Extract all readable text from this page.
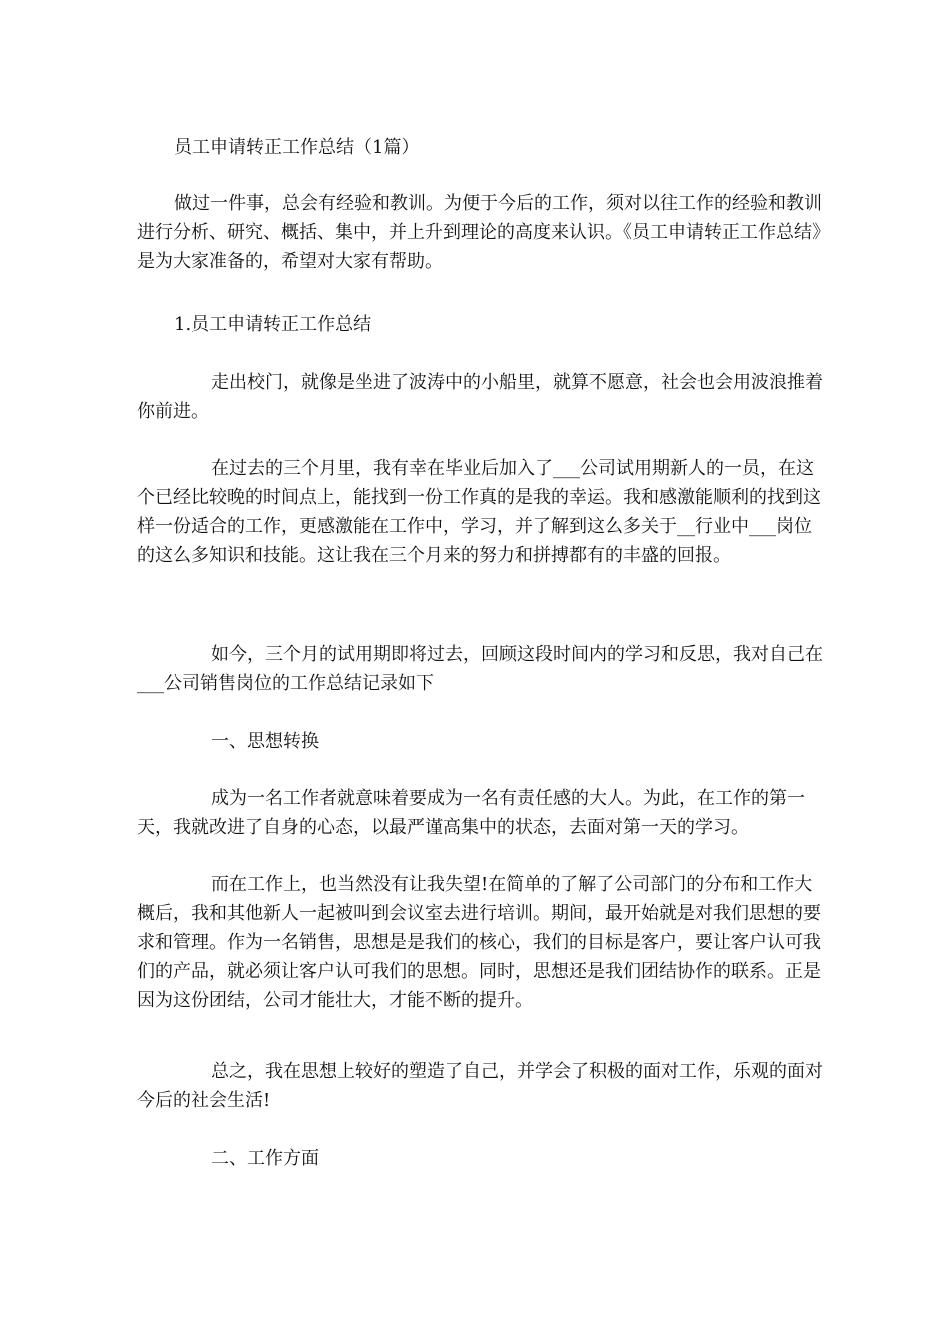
员工申请转正工作总结（1篇）

做过一件事，总会有经验和教训。为便于今后的工作，须对以往工作的经验和教训进行分析、研究、概括、集中，并上升到理论的高度来认识。《员工申请转正工作总结》是为大家准备的，希望对大家有帮助。

1.员工申请转正工作总结

走出校门，就像是坐进了波涛中的小船里，就算不愿意，社会也会用波浪推着你前进。

在过去的三个月里，我有幸在毕业后加入了___公司试用期新人的一员，在这个已经比较晚的时间点上，能找到一份工作真的是我的幸运。我和感激能顺利的找到这样一份适合的工作，更感激能在工作中，学习，并了解到这么多关于__行业中___岗位的这么多知识和技能。这让我在三个月来的努力和拼搏都有的丰盛的回报。

如今，三个月的试用期即将过去，回顾这段时间内的学习和反思，我对自己在___公司销售岗位的工作总结记录如下

一、思想转换

成为一名工作者就意味着要成为一名有责任感的大人。为此，在工作的第一天，我就改进了自身的心态，以最严谨高集中的状态，去面对第一天的学习。

而在工作上，也当然没有让我失望!在简单的了解了公司部门的分布和工作大概后，我和其他新人一起被叫到会议室去进行培训。期间，最开始就是对我们思想的要求和管理。作为一名销售，思想是是我们的核心，我们的目标是客户，要让客户认可我们的产品，就必须让客户认可我们的思想。同时，思想还是我们团结协作的联系。正是因为这份团结，公司才能壮大，才能不断的提升。

总之，我在思想上较好的塑造了自己，并学会了积极的面对工作，乐观的面对今后的社会生活!

二、工作方面
